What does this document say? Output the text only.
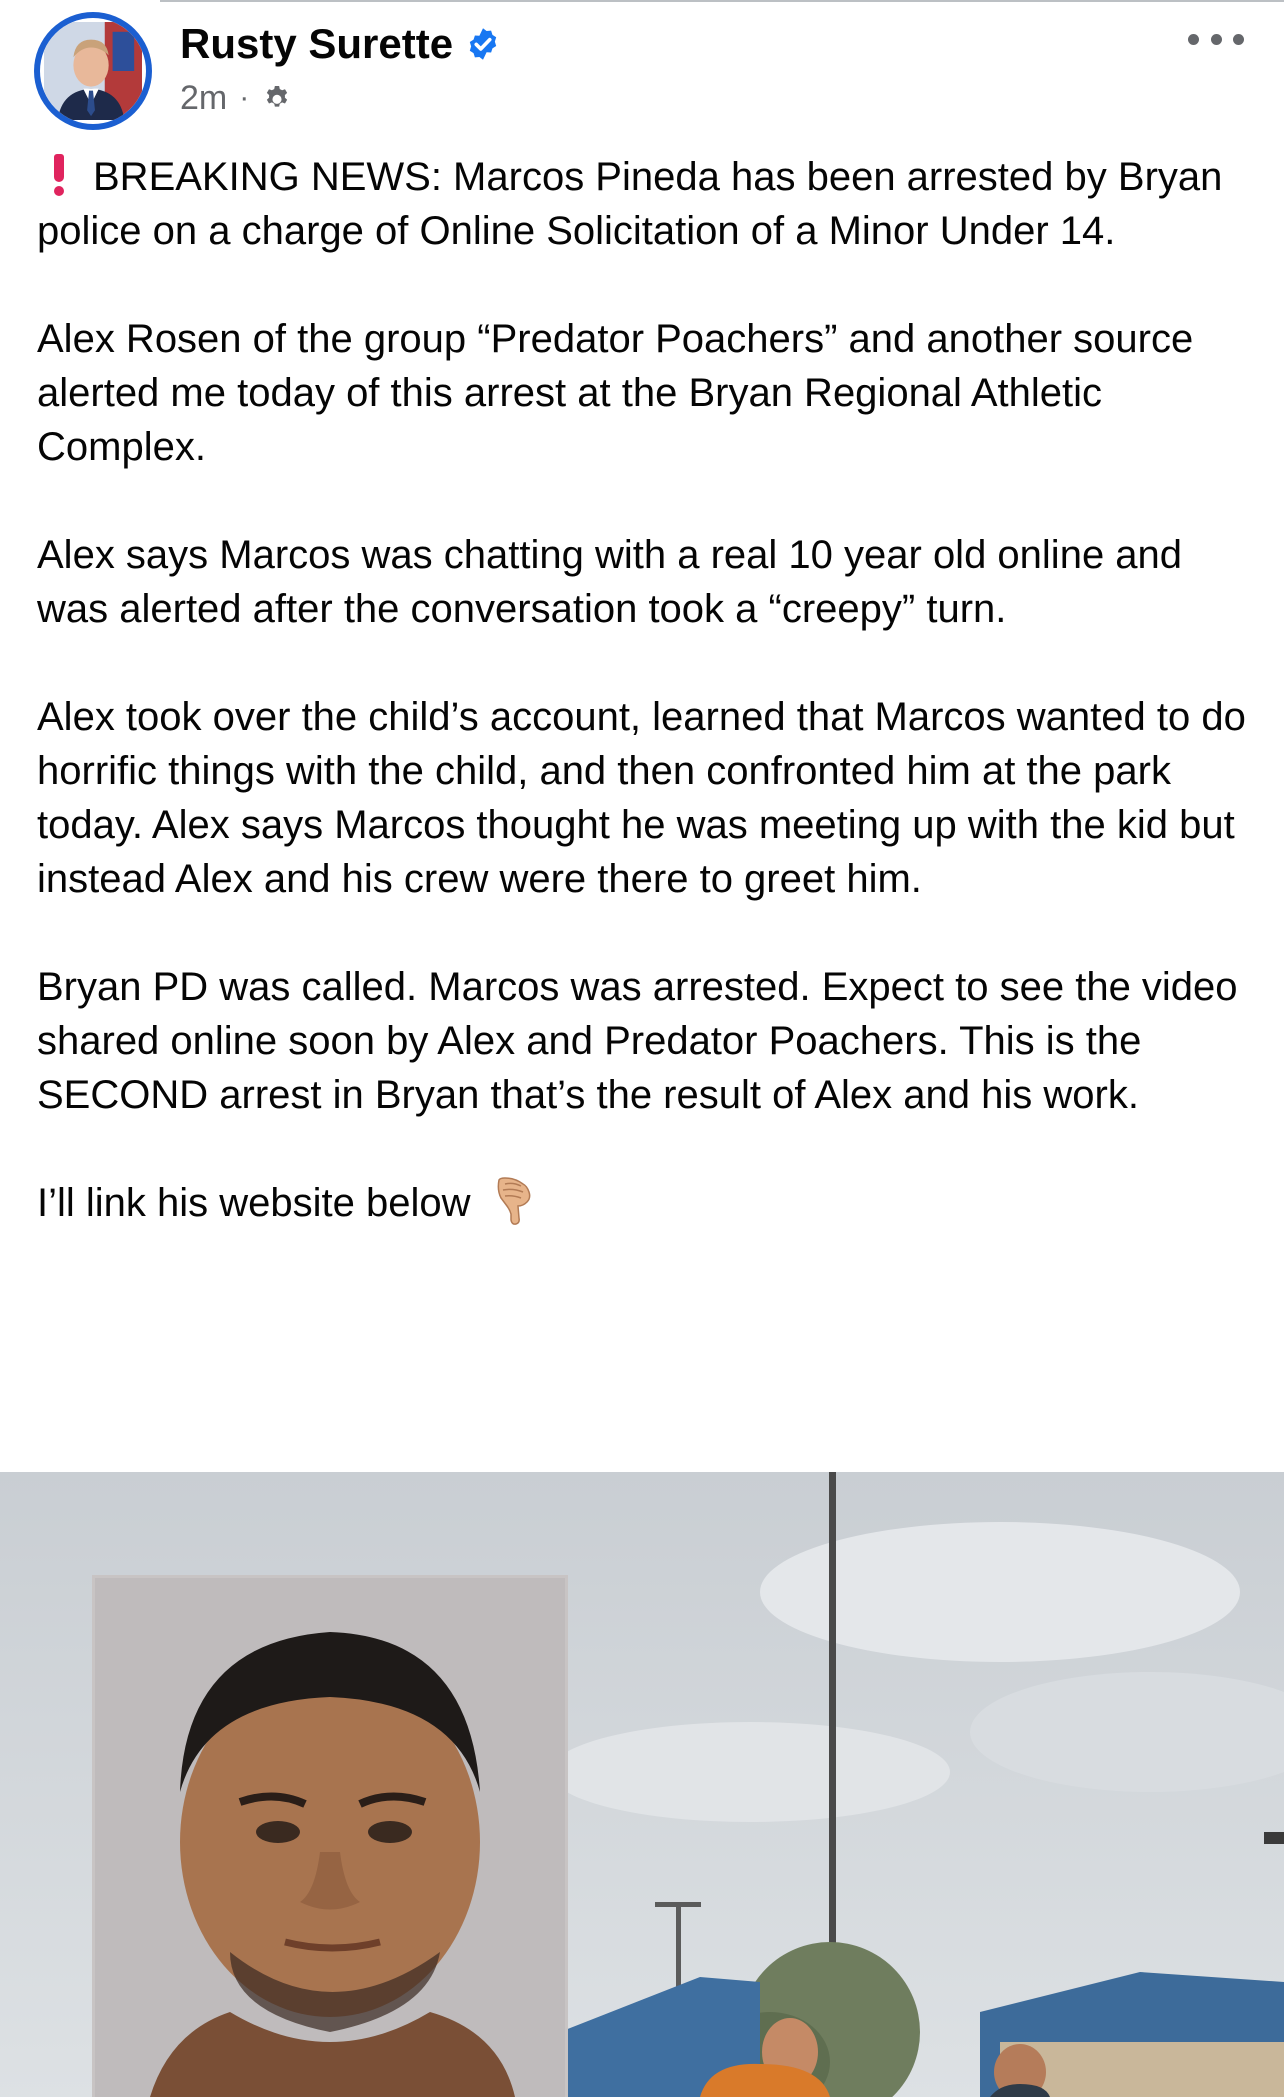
Rusty Surette
2m ·

BREAKING NEWS: Marcos Pineda has been arrested by Bryan police on a charge of Online Solicitation of a Minor Under 14.

Alex Rosen of the group “Predator Poachers” and another source alerted me today of this arrest at the Bryan Regional Athletic Complex.

Alex says Marcos was chatting with a real 10 year old online and was alerted after the conversation took a “creepy” turn.

Alex took over the child’s account, learned that Marcos wanted to do horrific things with the child, and then confronted him at the park today. Alex says Marcos thought he was meeting up with the kid but instead Alex and his crew were there to greet him.

Bryan PD was called. Marcos was arrested. Expect to see the video shared online soon by Alex and Predator Poachers. This is the SECOND arrest in Bryan that’s the result of Alex and his work.

I’ll link his website below
